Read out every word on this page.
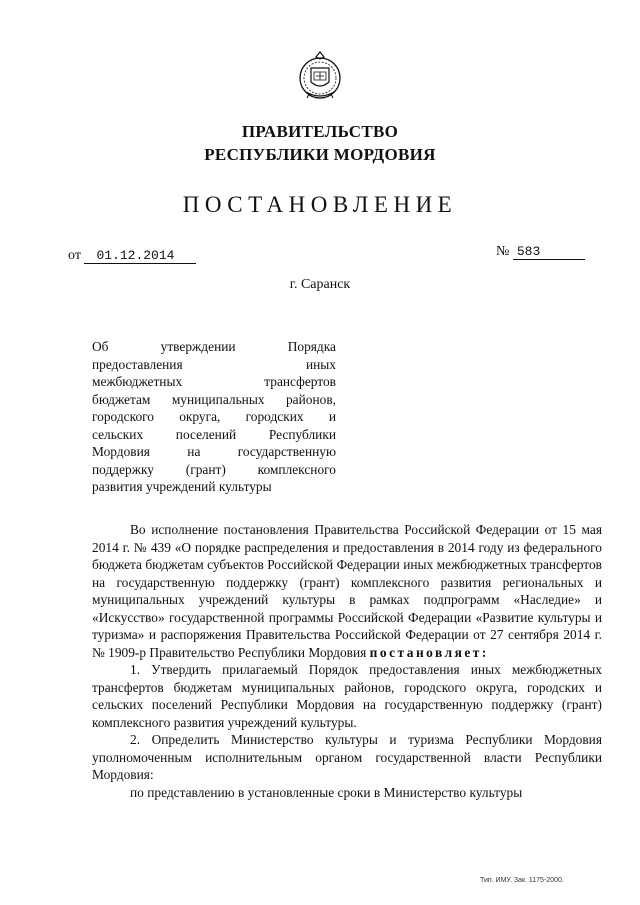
ПРАВИТЕЛЬСТВО
РЕСПУБЛИКИ МОРДОВИЯ
ПОСТАНОВЛЕНИЕ
от 01.12.2014	№ 583
г. Саранск
Об утверждении Порядка
предоставления иных
межбюджетных трансфертов
бюджетам муниципальных районов,
городского округа, городских и
сельских поселений Республики
Мордовия на государственную
поддержку (грант) комплексного
развития учреждений культуры

Во исполнение постановления Правительства Российской Федерации от 15 мая 2014 г. № 439 «О порядке распределения и предоставления в 2014 году из федерального бюджета бюджетам субъектов Российской Федерации иных межбюджетных трансфертов на государственную поддержку (грант) комплексного развития региональных и муниципальных учреждений культуры в рамках подпрограмм «Наследие» и «Искусство» государственной программы Российской Федерации «Развитие культуры и туризма» и распоряжения Правительства Российской Федерации от 27 сентября 2014 г. № 1909-р Правительство Республики Мордовия постановляет:

1. Утвердить прилагаемый Порядок предоставления иных межбюджетных трансфертов бюджетам муниципальных районов, городского округа, городских и сельских поселений Республики Мордовия на государственную поддержку (грант) комплексного развития учреждений культуры.

2. Определить Министерство культуры и туризма Республики Мордовия уполномоченным исполнительным органом государственной власти Республики Мордовия:

по представлению в установленные сроки в Министерство культуры

Тип. ИМУ. Зак. 1175-2000.
